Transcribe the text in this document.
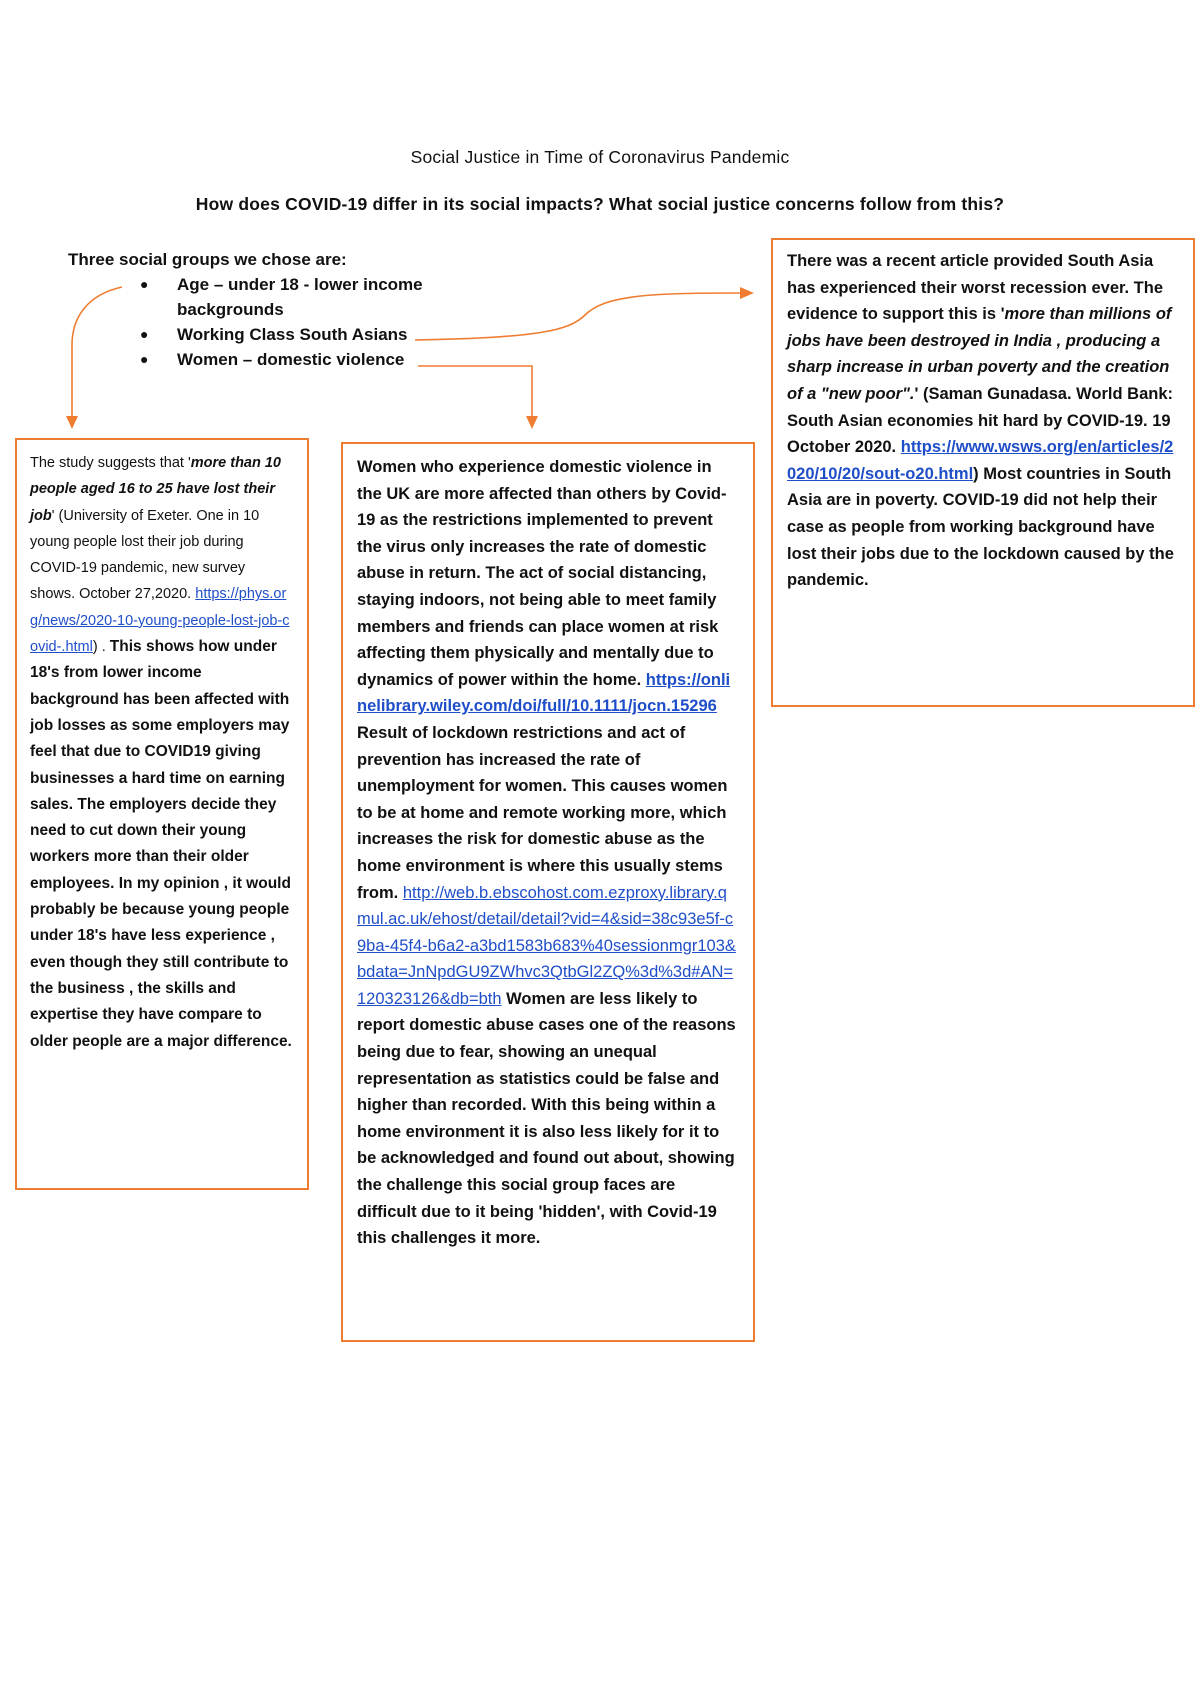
Social Justice in Time of Coronavirus Pandemic
How does COVID-19 differ in its social impacts? What social justice concerns follow from this?
Three social groups we chose are:
● Age – under 18 - lower income
backgrounds
● Working Class South Asians
● Women – domestic violence

The study suggests that 'more than 10 people aged 16 to 25 have lost their job' (University of Exeter. One in 10 young people lost their job during COVID-19 pandemic, new survey shows. October 27,2020. https://phys.org/news/2020-10-young-people-lost-job-covid-.html) . This shows how under 18's from lower income background has been affected with job losses as some employers may feel that due to COVID19 giving businesses a hard time on earning sales. The employers decide they need to cut down their young workers more than their older employees. In my opinion , it would probably be because young people under 18's have less experience , even though they still contribute to the business , the skills and expertise they have compare to older people are a major difference.

Women who experience domestic violence in the UK are more affected than others by Covid-19 as the restrictions implemented to prevent the virus only increases the rate of domestic abuse in return. The act of social distancing, staying indoors, not being able to meet family members and friends can place women at risk affecting them physically and mentally due to dynamics of power within the home. https://onlinelibrary.wiley.com/doi/full/10.1111/jocn.15296 Result of lockdown restrictions and act of prevention has increased the rate of unemployment for women. This causes women to be at home and remote working more, which increases the risk for domestic abuse as the home environment is where this usually stems from. http://web.b.ebscohost.com.ezproxy.library.qmul.ac.uk/ehost/detail/detail?vid=4&sid=38c93e5f-c9ba-45f4-b6a2-a3bd1583b683%40sessionmgr103&bdata=JnNpdGU9ZWhvc3QtbGl2ZQ%3d%3d#AN=120323126&db=bth Women are less likely to report domestic abuse cases one of the reasons being due to fear, showing an unequal representation as statistics could be false and higher than recorded. With this being within a home environment it is also less likely for it to be acknowledged and found out about, showing the challenge this social group faces are difficult due to it being 'hidden', with Covid-19 this challenges it more.

There was a recent article provided South Asia has experienced their worst recession ever. The evidence to support this is 'more than millions of jobs have been destroyed in India , producing a sharp increase in urban poverty and the creation of a "new poor".' (Saman Gunadasa. World Bank: South Asian economies hit hard by COVID-19. 19 October 2020. https://www.wsws.org/en/articles/2020/10/20/sout-o20.html) Most countries in South Asia are in poverty. COVID-19 did not help their case as people from working background have lost their jobs due to the lockdown caused by the pandemic.
